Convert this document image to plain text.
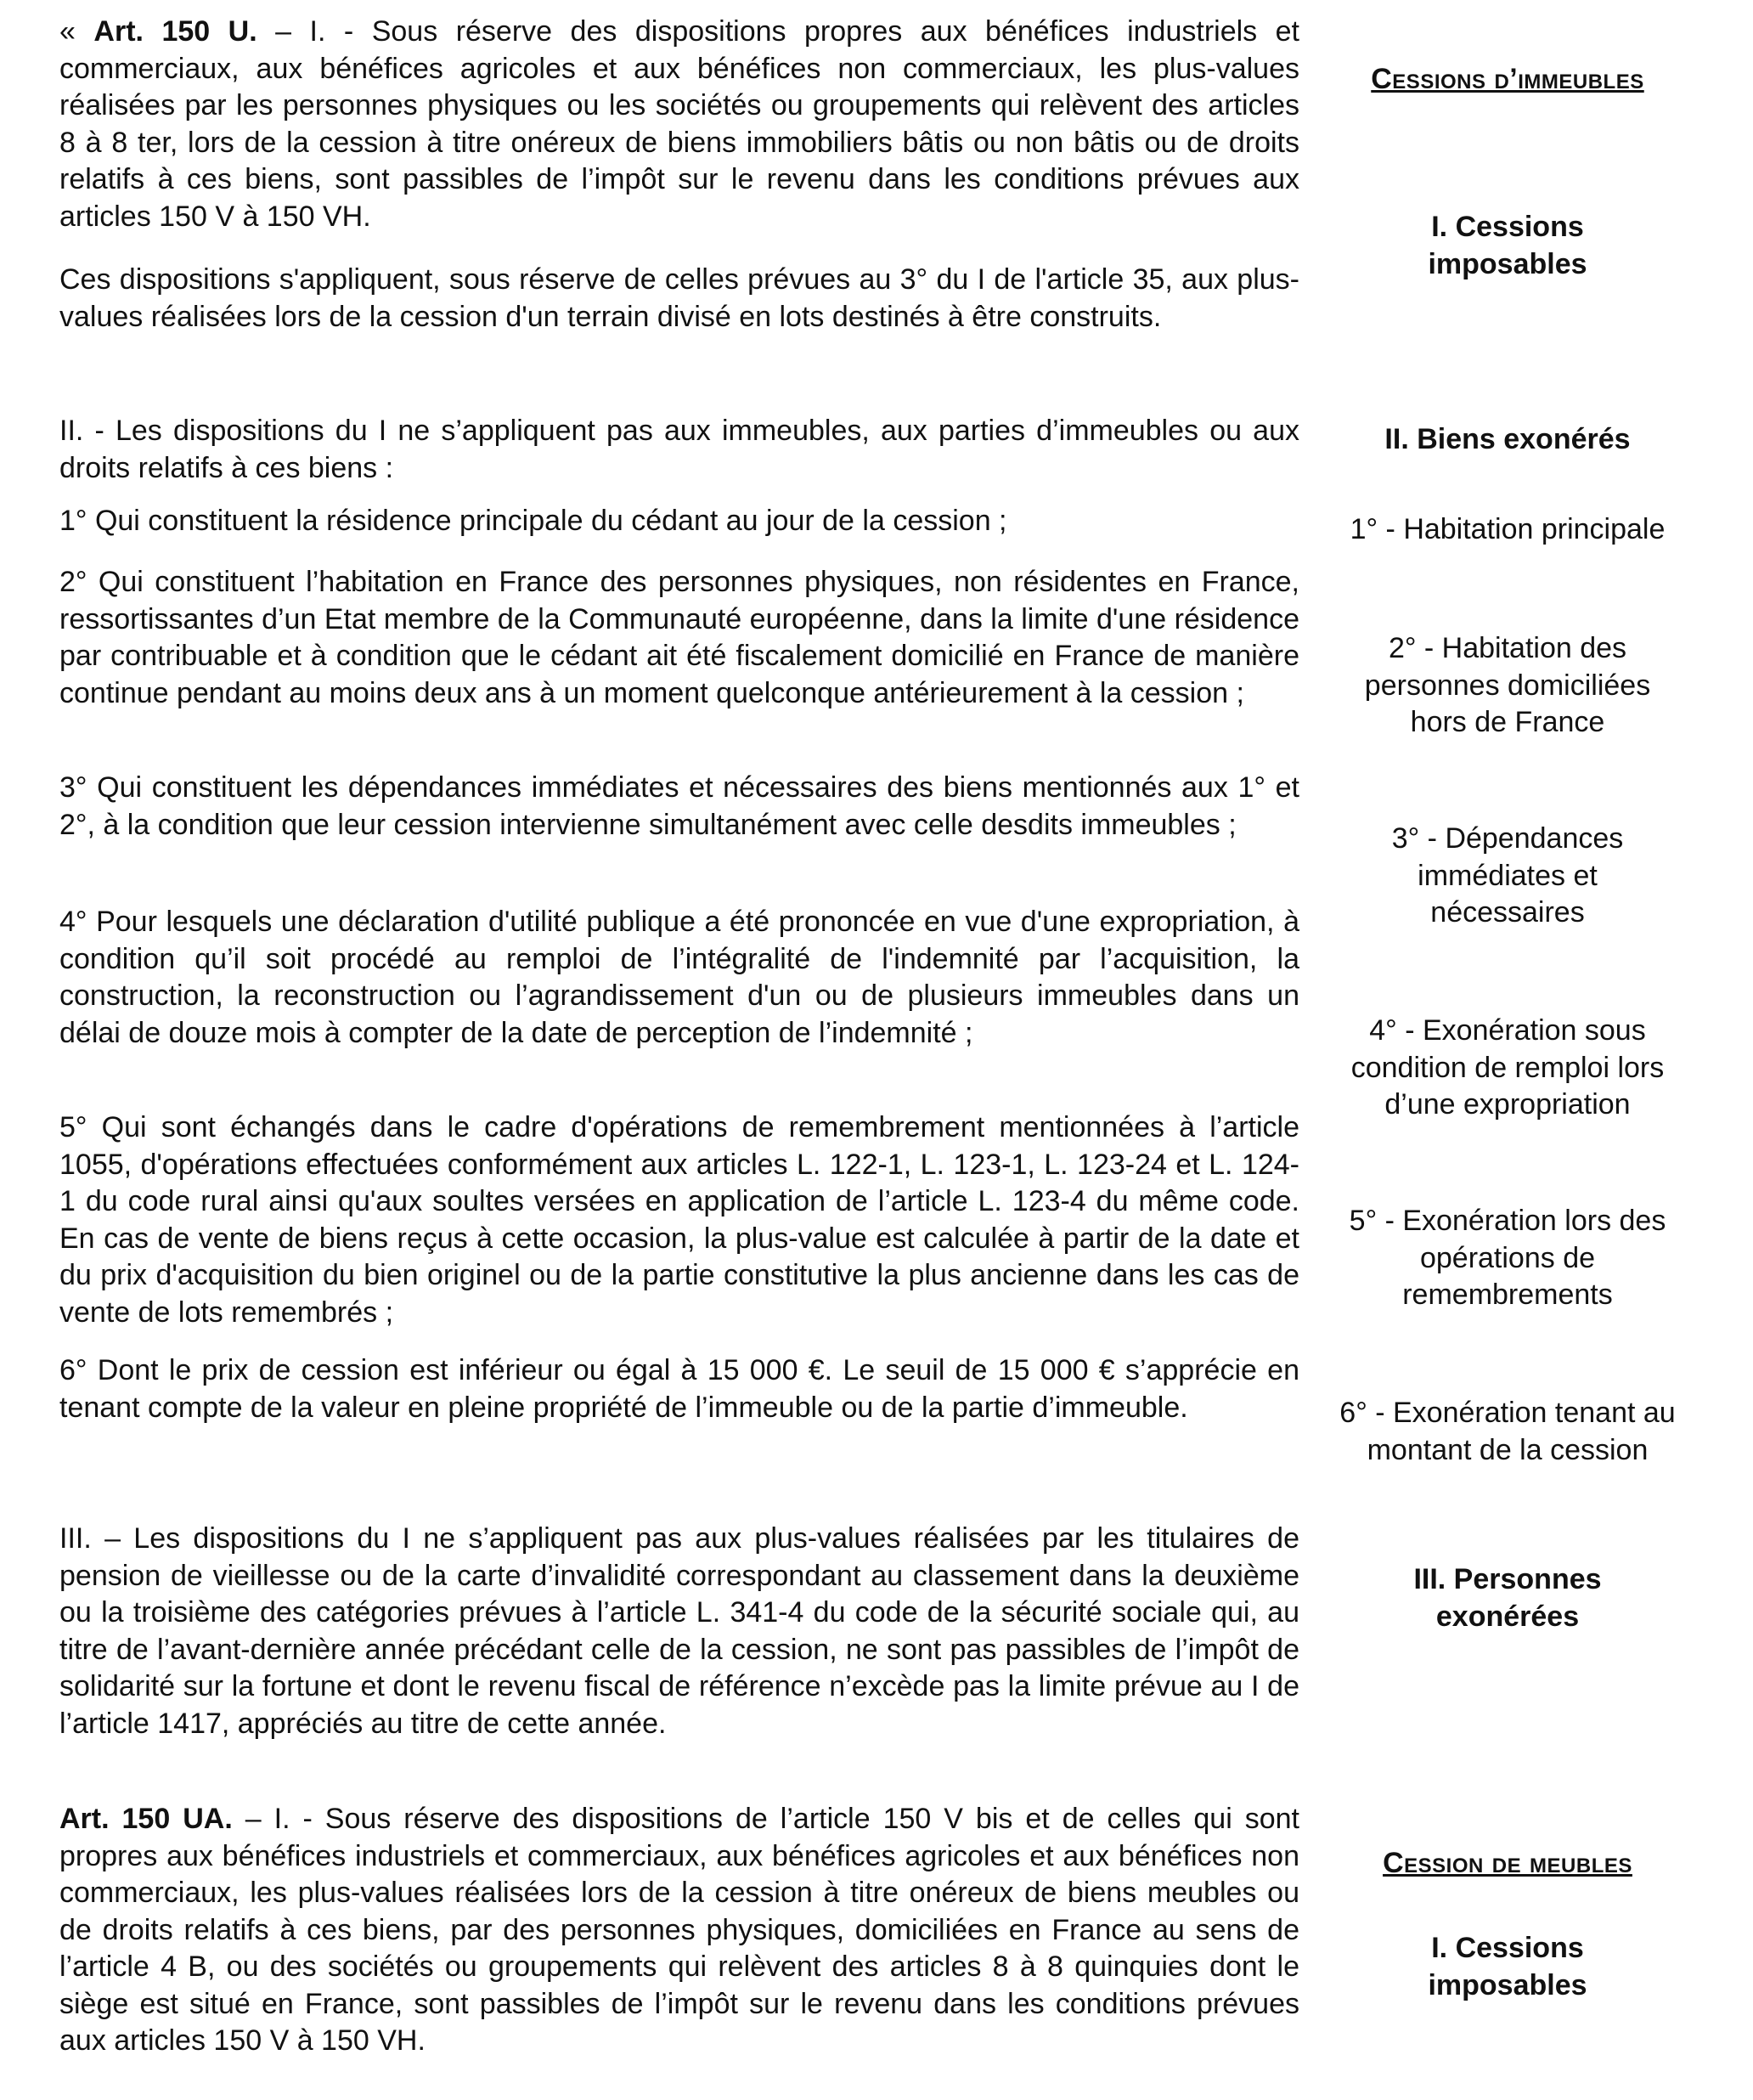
« Art. 150 U. – I. - Sous réserve des dispositions propres aux bénéfices industriels et commerciaux, aux bénéfices agricoles et aux bénéfices non commerciaux, les plus-values réalisées par les personnes physiques ou les sociétés ou groupements qui relèvent des articles 8 à 8 ter, lors de la cession à titre onéreux de biens immobiliers bâtis ou non bâtis ou de droits relatifs à ces biens, sont passibles de l’impôt sur le revenu dans les conditions prévues aux articles 150 V à 150 VH.

Ces dispositions s'appliquent, sous réserve de celles prévues au 3° du I de l'article 35, aux plus-values réalisées lors de la cession d'un terrain divisé en lots destinés à être construits.

II. - Les dispositions du I ne s’appliquent pas aux immeubles, aux parties d’immeubles ou aux droits relatifs à ces biens :

1° Qui constituent la résidence principale du cédant au jour de la cession ;

2° Qui constituent l’habitation en France des personnes physiques, non résidentes en France, ressortissantes d’un Etat membre de la Communauté européenne, dans la limite d'une résidence par contribuable et à condition que le cédant ait été fiscalement domicilié en France de manière continue pendant au moins deux ans à un moment quelconque antérieurement à la cession ;

3° Qui constituent les dépendances immédiates et nécessaires des biens mentionnés aux 1° et 2°, à la condition que leur cession intervienne simultanément avec celle desdits immeubles ;

4° Pour lesquels une déclaration d'utilité publique a été prononcée en vue d'une expropriation, à condition qu’il soit procédé au remploi de l’intégralité de l'indemnité par l’acquisition, la construction, la reconstruction ou l’agrandissement d'un ou de plusieurs immeubles dans un délai de douze mois à compter de la date de perception de l’indemnité ;

5° Qui sont échangés dans le cadre d'opérations de remembrement mentionnées à l’article 1055, d'opérations effectuées conformément aux articles L. 122-1, L. 123-1, L. 123-24 et L. 124-1 du code rural ainsi qu'aux soultes versées en application de l’article L. 123-4 du même code. En cas de vente de biens reçus à cette occasion, la plus-value est calculée à partir de la date et du prix d'acquisition du bien originel ou de la partie constitutive la plus ancienne dans les cas de vente de lots remembrés ;

6° Dont le prix de cession est inférieur ou égal à 15 000 €. Le seuil de 15 000 € s’apprécie en tenant compte de la valeur en pleine propriété de l’immeuble ou de la partie d’immeuble.

III. – Les dispositions du I ne s’appliquent pas aux plus-values réalisées par les titulaires de pension de vieillesse ou de la carte d’invalidité correspondant au classement dans la deuxième ou la troisième des catégories prévues à l’article L. 341-4 du code de la sécurité sociale qui, au titre de l’avant-dernière année précédant celle de la cession, ne sont pas passibles de l’impôt de solidarité sur la fortune et dont le revenu fiscal de référence n’excède pas la limite prévue au I de l’article 1417, appréciés au titre de cette année.

Art. 150 UA. – I. - Sous réserve des dispositions de l’article 150 V bis et de celles qui sont propres aux bénéfices industriels et commerciaux, aux bénéfices agricoles et aux bénéfices non commerciaux, les plus-values réalisées lors de la cession à titre onéreux de biens meubles ou de droits relatifs à ces biens, par des personnes physiques, domiciliées en France au sens de l’article 4 B, ou des sociétés ou groupements qui relèvent des articles 8 à 8 quinquies dont le siège est situé en France, sont passibles de l’impôt sur le revenu dans les conditions prévues aux articles 150 V à 150 VH.

Cessions d’immeubles

I. Cessions imposables

II. Biens exonérés

1° - Habitation principale

2° - Habitation des personnes domiciliées hors de France

3° - Dépendances immédiates et nécessaires

4° - Exonération sous condition de remploi lors d’une expropriation

5° - Exonération lors des opérations de remembrements

6° - Exonération tenant au montant de la cession

III. Personnes exonérées

Cession de meubles

I. Cessions imposables
